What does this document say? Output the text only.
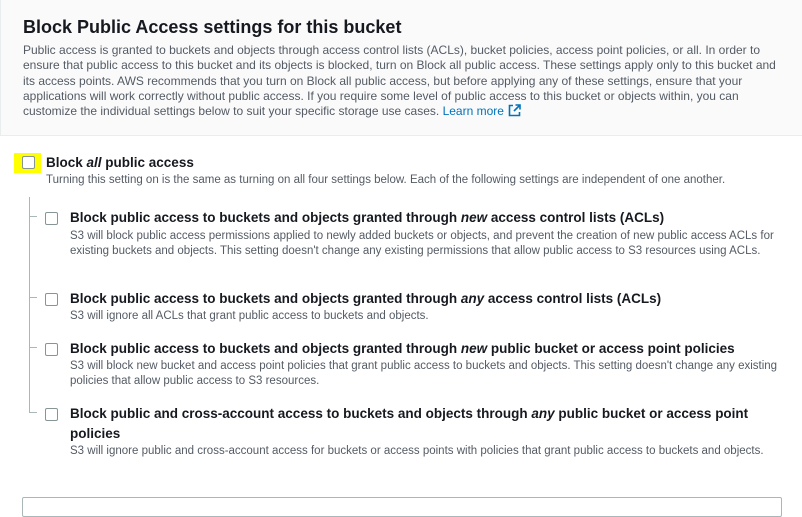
Block Public Access settings for this bucket
Public access is granted to buckets and objects through access control lists (ACLs), bucket policies, access point policies, or all. In order to ensure that public access to this bucket and its objects is blocked, turn on Block all public access. These settings apply only to this bucket and its access points. AWS recommends that you turn on Block all public access, but before applying any of these settings, ensure that your applications will work correctly without public access. If you require some level of public access to this bucket or objects within, you can customize the individual settings below to suit your specific storage use cases. Learn more
Block all public access
Turning this setting on is the same as turning on all four settings below. Each of the following settings are independent of one another.
Block public access to buckets and objects granted through new access control lists (ACLs)
S3 will block public access permissions applied to newly added buckets or objects, and prevent the creation of new public access ACLs for existing buckets and objects. This setting doesn't change any existing permissions that allow public access to S3 resources using ACLs.
Block public access to buckets and objects granted through any access control lists (ACLs)
S3 will ignore all ACLs that grant public access to buckets and objects.
Block public access to buckets and objects granted through new public bucket or access point policies
S3 will block new bucket and access point policies that grant public access to buckets and objects. This setting doesn't change any existing policies that allow public access to S3 resources.
Block public and cross-account access to buckets and objects through any public bucket or access point policies
S3 will ignore public and cross-account access for buckets or access points with policies that grant public access to buckets and objects.
